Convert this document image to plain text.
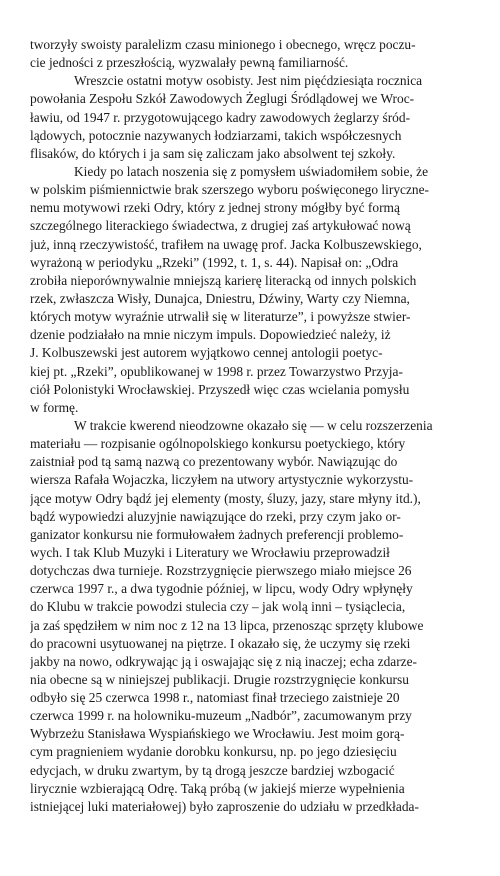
tworzyły swoisty paralelizm czasu minionego i obecnego, wręcz poczu-
cie jedności z przeszłością, wyzwalały pewną familiarność.
Wreszcie ostatni motyw osobisty. Jest nim pięćdziesiąta rocznica
powołania Zespołu Szkół Zawodowych Żeglugi Śródlądowej we Wroc-
ławiu, od 1947 r. przygotowującego kadry zawodowych żeglarzy śród-
lądowych, potocznie nazywanych łodziarzami, takich współczesnych
flisaków, do których i ja sam się zaliczam jako absolwent tej szkoły.
Kiedy po latach noszenia się z pomysłem uświadomiłem sobie, że
w polskim piśmiennictwie brak szerszego wyboru poświęconego liryczne-
nemu motywowi rzeki Odry, który z jednej strony mógłby być formą
szczególnego literackiego świadectwa, z drugiej zaś artykułować nową
już, inną rzeczywistość, trafiłem na uwagę prof. Jacka Kolbuszewskiego,
wyrażoną w periodyku „Rzeki” (1992, t. 1, s. 44). Napisał on: „Odra
zrobiła nieporównywalnie mniejszą karierę literacką od innych polskich
rzek, zwłaszcza Wisły, Dunajca, Dniestru, Dźwiny, Warty czy Niemna,
których motyw wyraźnie utrwalił się w literaturze”, i powyższe stwier-
dzenie podziałało na mnie niczym impuls. Dopowiedzieć należy, iż
J. Kolbuszewski jest autorem wyjątkowo cennej antologii poetyc-
kiej pt. „Rzeki”, opublikowanej w 1998 r. przez Towarzystwo Przyja-
ciół Polonistyki Wrocławskiej. Przyszedł więc czas wcielania pomysłu
w formę.
W trakcie kwerend nieodzowne okazało się — w celu rozszerzenia
materiału — rozpisanie ogólnopolskiego konkursu poetyckiego, który
zaistniał pod tą samą nazwą co prezentowany wybór. Nawiązując do
wiersza Rafała Wojaczka, liczyłem na utwory artystycznie wykorzystu-
jące motyw Odry bądź jej elementy (mosty, śluzy, jazy, stare młyny itd.),
bądź wypowiedzi aluzyjnie nawiązujące do rzeki, przy czym jako or-
ganizator konkursu nie formułowałem żadnych preferencji problemo-
wych. I tak Klub Muzyki i Literatury we Wrocławiu przeprowadził
dotychczas dwa turnieje. Rozstrzygnięcie pierwszego miało miejsce 26
czerwca 1997 r., a dwa tygodnie później, w lipcu, wody Odry wpłynęły
do Klubu w trakcie powodzi stulecia czy – jak wolą inni – tysiąclecia,
ja zaś spędziłem w nim noc z 12 na 13 lipca, przenosząc sprzęty klubowe
do pracowni usytuowanej na piętrze. I okazało się, że uczymy się rzeki
jakby na nowo, odkrywając ją i oswajając się z nią inaczej; echa zdarze-
nia obecne są w niniejszej publikacji. Drugie rozstrzygnięcie konkursu
odbyło się 25 czerwca 1998 r., natomiast finał trzeciego zaistnieje 20
czerwca 1999 r. na holowniku-muzeum „Nadbór”, zacumowanym przy
Wybrzeżu Stanisława Wyspiańskiego we Wrocławiu. Jest moim gorą-
cym pragnieniem wydanie dorobku konkursu, np. po jego dziesięciu
edycjach, w druku zwartym, by tą drogą jeszcze bardziej wzbogacić
lirycznie wzbierającą Odrę. Taką próbą (w jakiejś mierze wypełnienia
istniejącej luki materiałowej) było zaproszenie do udziału w przedkłada-
